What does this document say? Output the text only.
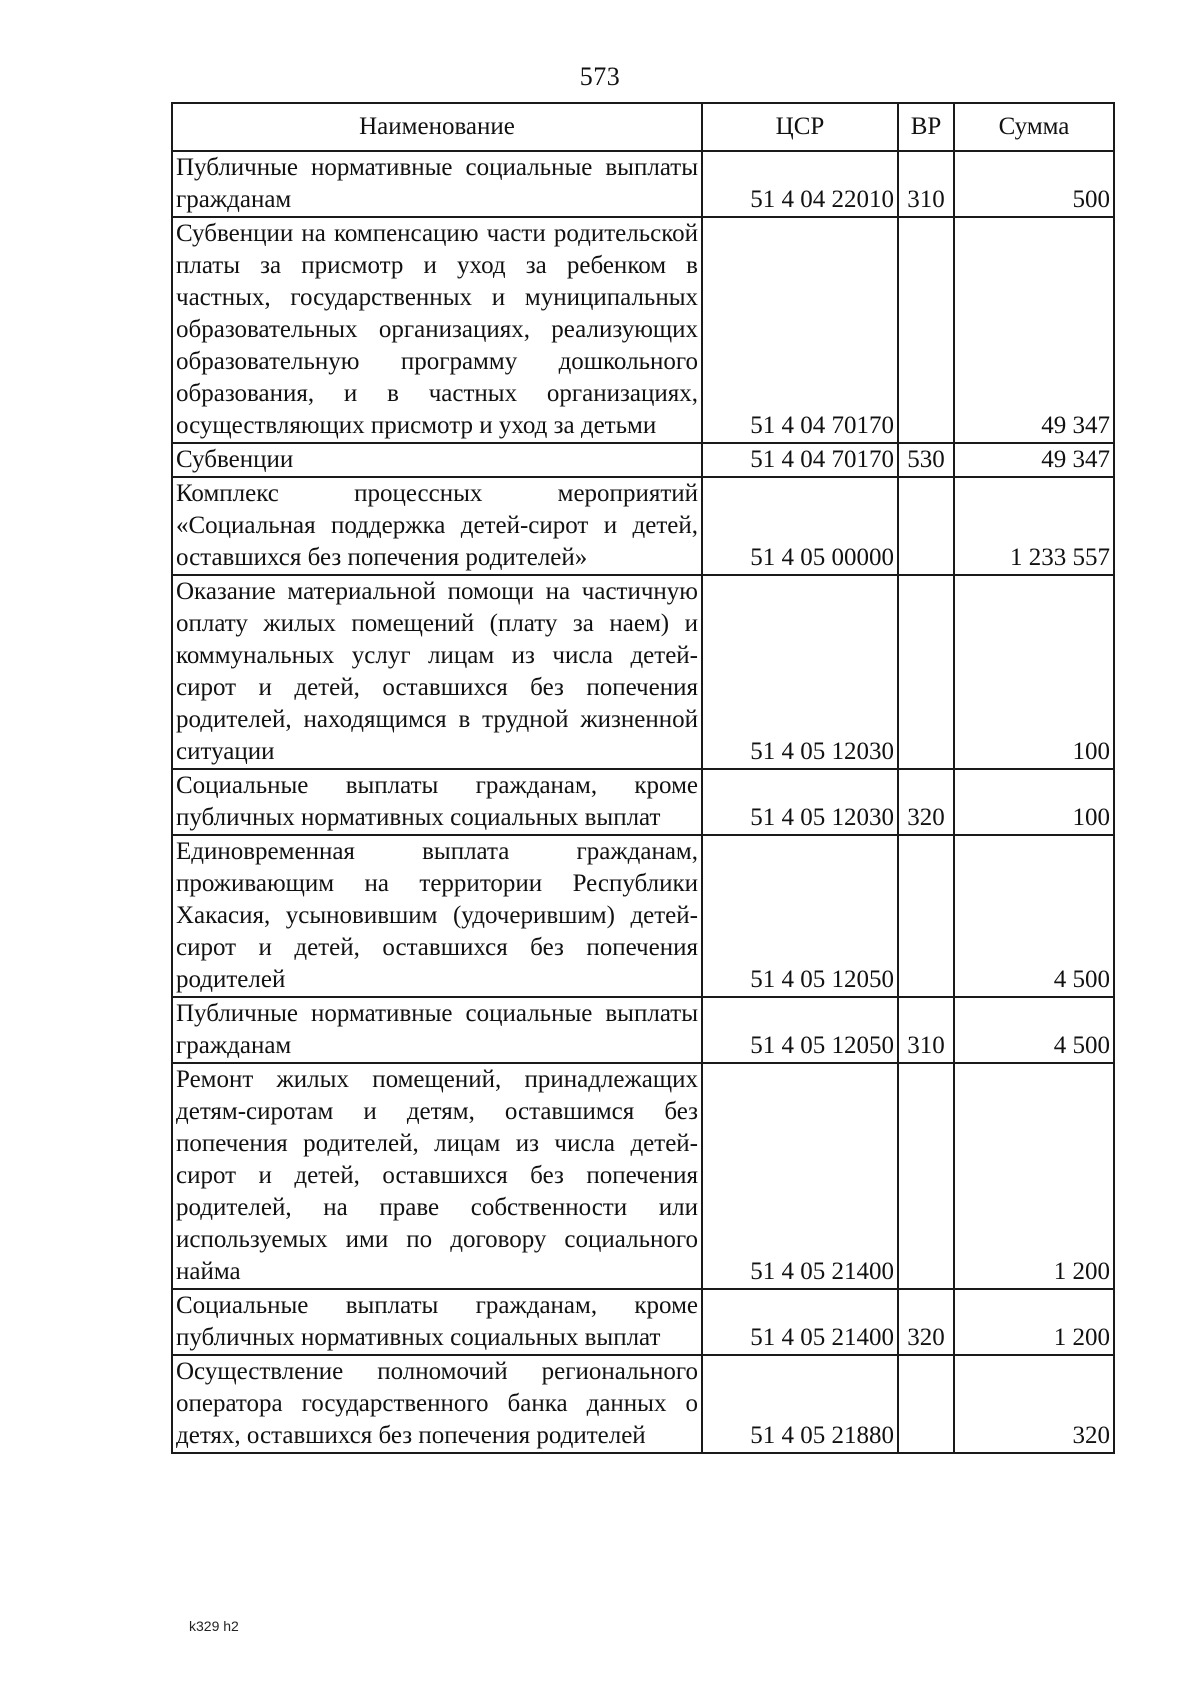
573
Наименование	ЦСР	ВР	Сумма
Публичные нормативные социальные выплаты гражданам	51 4 04 22010	310	500
Субвенции на компенсацию части родительской платы за присмотр и уход за ребенком в частных, государственных и муниципальных образовательных организациях, реализующих образовательную программу дошкольного образования, и в частных организациях, осуществляющих присмотр и уход за детьми	51 4 04 70170		49 347
Субвенции	51 4 04 70170	530	49 347
Комплекс процессных мероприятий «Социальная поддержка детей-сирот и детей, оставшихся без попечения родителей»	51 4 05 00000		1 233 557
Оказание материальной помощи на частичную оплату жилых помещений (плату за наем) и коммунальных услуг лицам из числа детей-сирот и детей, оставшихся без попечения родителей, находящимся в трудной жизненной ситуации	51 4 05 12030		100
Социальные выплаты гражданам, кроме публичных нормативных социальных выплат	51 4 05 12030	320	100
Единовременная выплата гражданам, проживающим на территории Республики Хакасия, усыновившим (удочерившим) детей-сирот и детей, оставшихся без попечения родителей	51 4 05 12050		4 500
Публичные нормативные социальные выплаты гражданам	51 4 05 12050	310	4 500
Ремонт жилых помещений, принадлежащих детям-сиротам и детям, оставшимся без попечения родителей, лицам из числа детей-сирот и детей, оставшихся без попечения родителей, на праве собственности или используемых ими по договору социального найма	51 4 05 21400		1 200
Социальные выплаты гражданам, кроме публичных нормативных социальных выплат	51 4 05 21400	320	1 200
Осуществление полномочий регионального оператора государственного банка данных о детях, оставшихся без попечения родителей	51 4 05 21880		320
k329 h2
